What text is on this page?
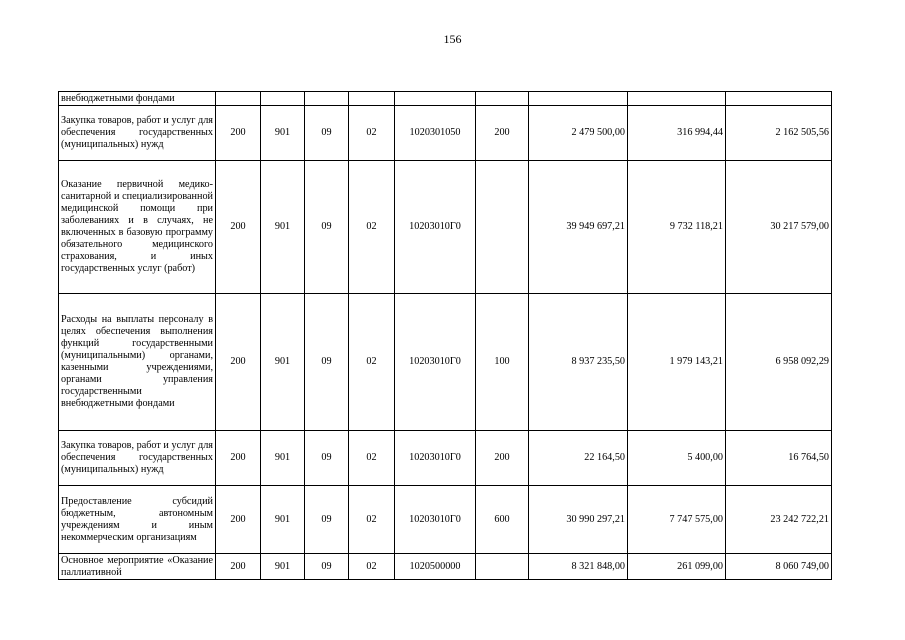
156
внебюджетными фондами									
Закупка товаров, работ и услуг для обеспечения государственных (муниципальных) нужд	200	901	09	02	1020301050	200	2 479 500,00	316 994,44	2 162 505,56
Оказание первичной медико-санитарной и специализированной медицинской помощи при заболеваниях и в случаях, не включенных в базовую программу обязательного медицинского страхования, и иных государственных услуг (работ)	200	901	09	02	10203010Г0		39 949 697,21	9 732 118,21	30 217 579,00
Расходы на выплаты персоналу в целях обеспечения выполнения функций государственными (муниципальными) органами, казенными учреждениями, органами управления государственными внебюджетными фондами	200	901	09	02	10203010Г0	100	8 937 235,50	1 979 143,21	6 958 092,29
Закупка товаров, работ и услуг для обеспечения государственных (муниципальных) нужд	200	901	09	02	10203010Г0	200	22 164,50	5 400,00	16 764,50
Предоставление субсидий бюджетным, автономным учреждениям и иным некоммерческим организациям	200	901	09	02	10203010Г0	600	30 990 297,21	7 747 575,00	23 242 722,21
Основное мероприятие «Оказание паллиативной	200	901	09	02	1020500000		8 321 848,00	261 099,00	8 060 749,00
